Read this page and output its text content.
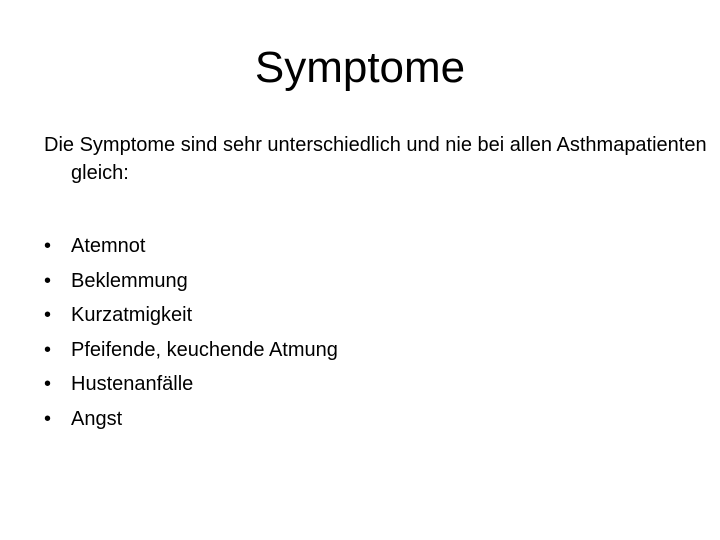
Symptome

Die Symptome sind sehr unterschiedlich und nie bei allen Asthmapatienten gleich:

• Atemnot
• Beklemmung
• Kurzatmigkeit
• Pfeifende, keuchende Atmung
• Hustenanfälle
• Angst
